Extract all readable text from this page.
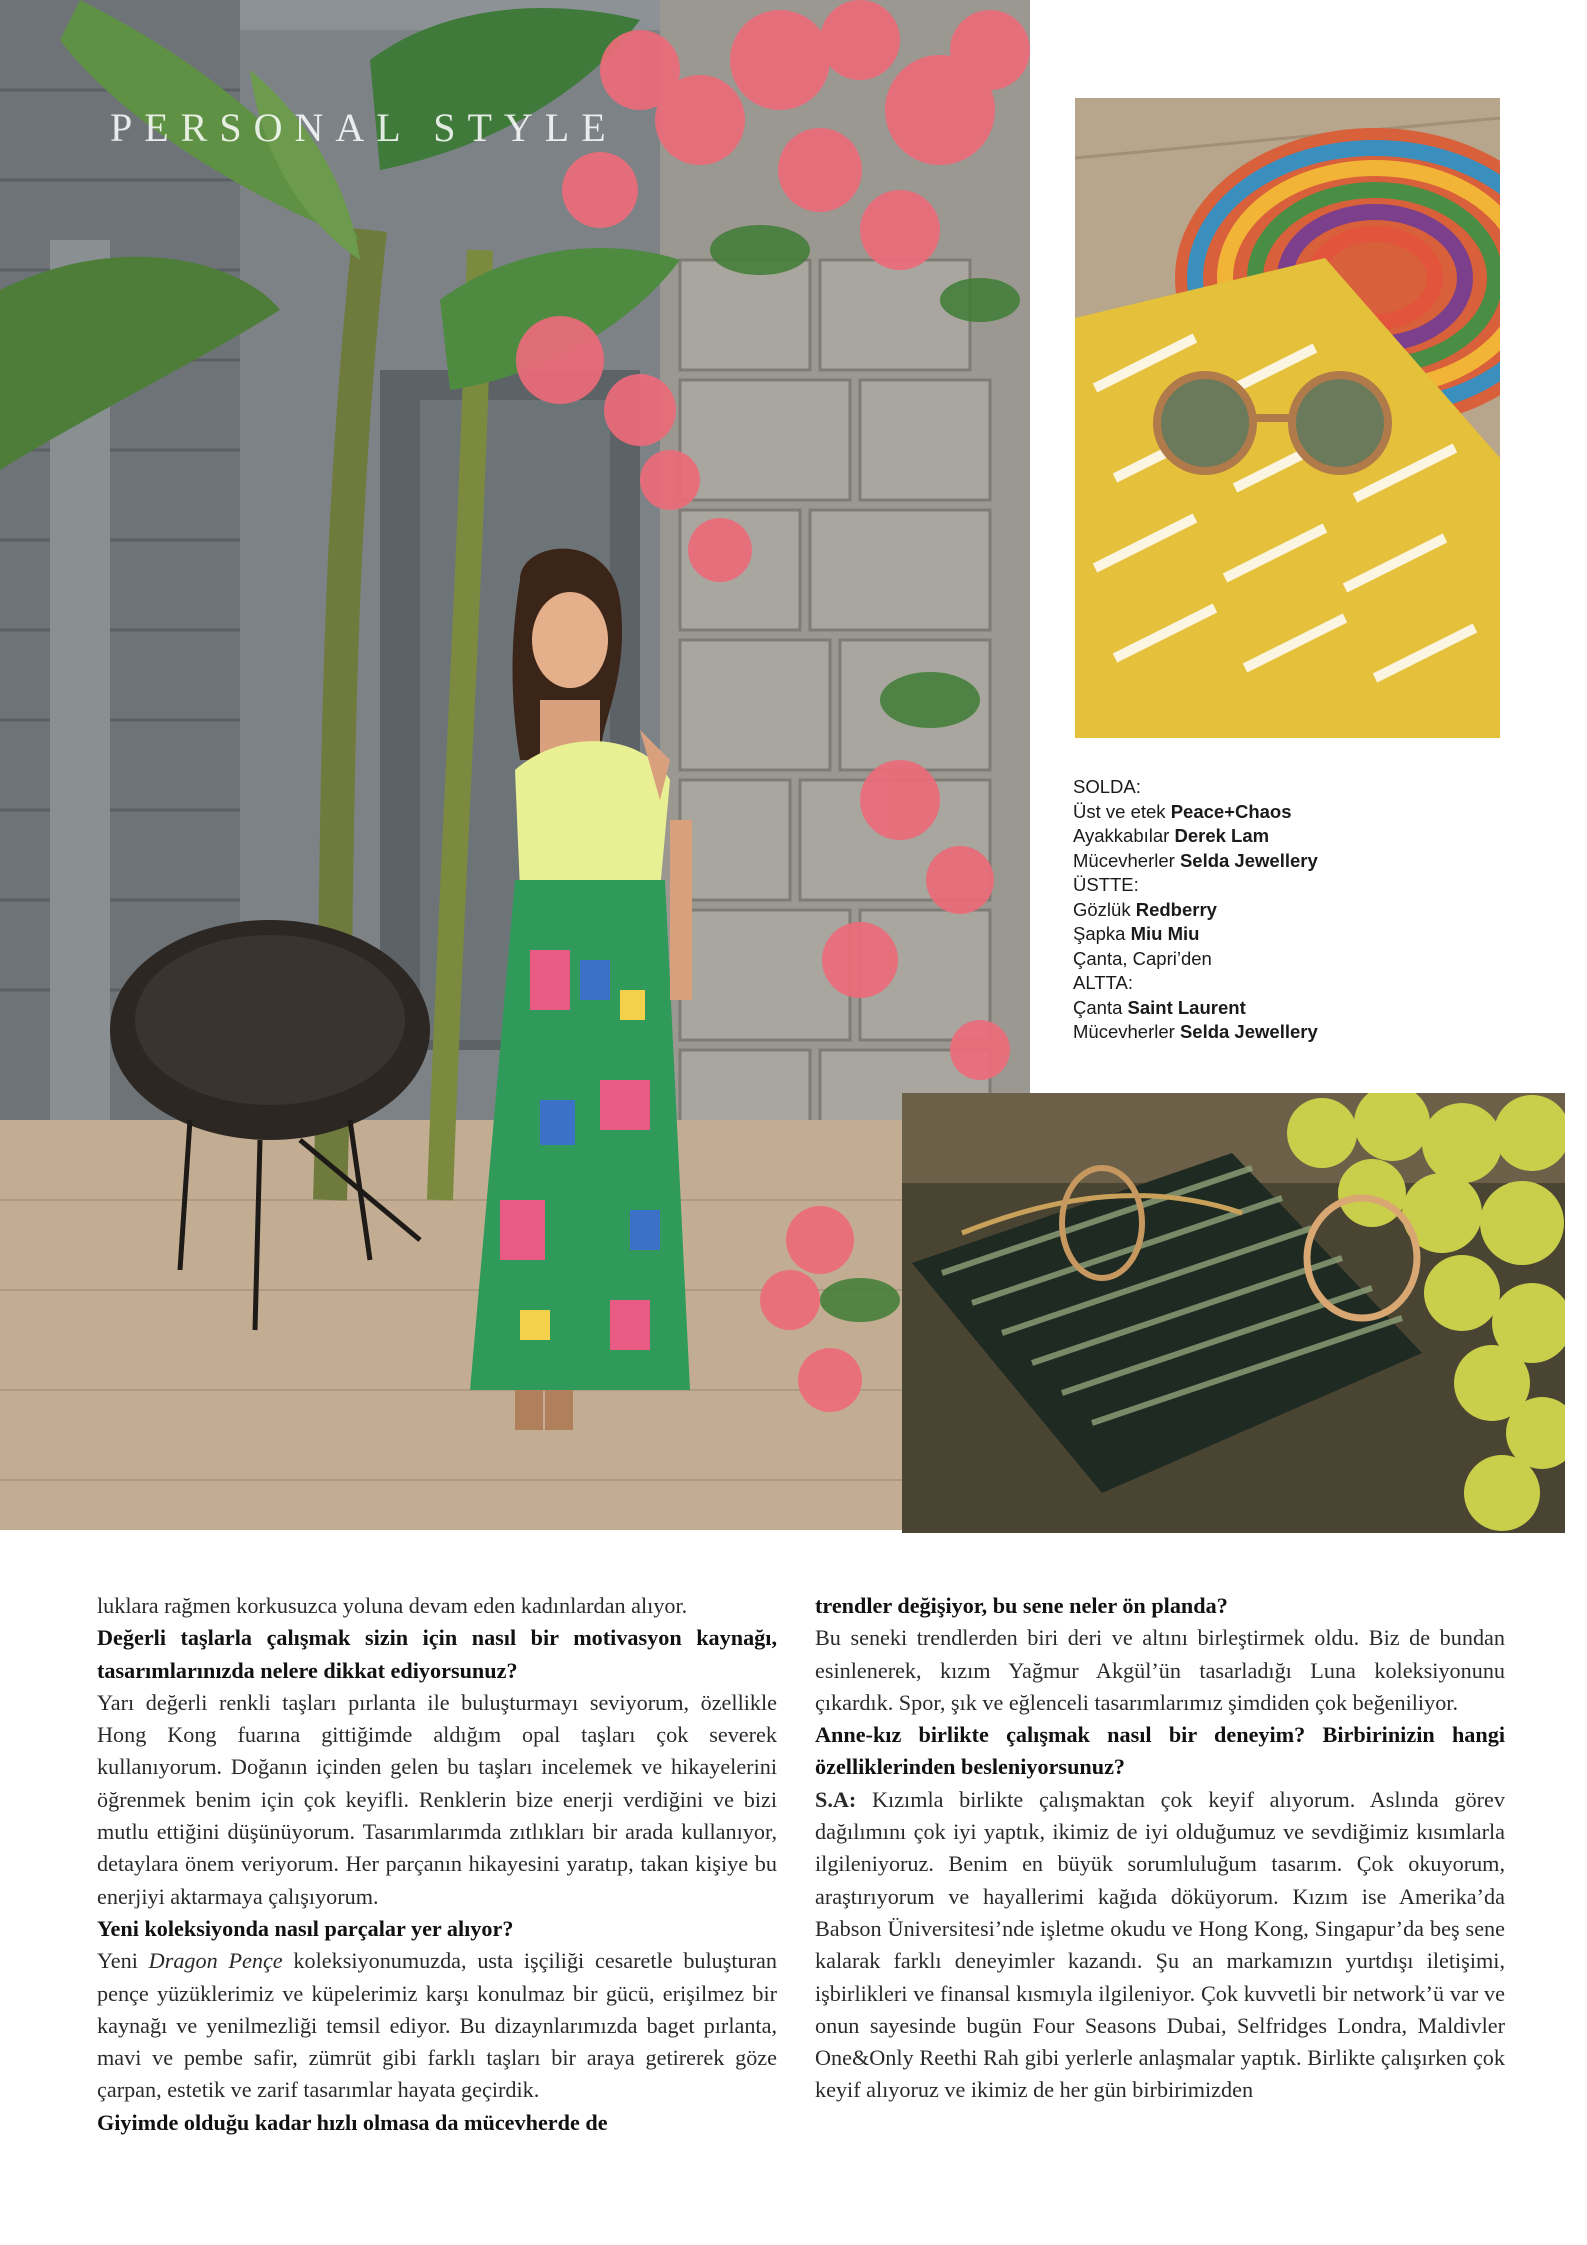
PERSONAL STYLE
SOLDA:
Üst ve etek Peace+Chaos
Ayakkabılar Derek Lam
Mücevherler Selda Jewellery
ÜSTTE:
Gözlük Redberry
Şapka Miu Miu
Çanta, Capri’den
ALTTA:
Çanta Saint Laurent
Mücevherler Selda Jewellery

luklara rağmen korkusuzca yoluna devam eden kadınlardan alıyor.

Değerli taşlarla çalışmak sizin için nasıl bir motivasyon kaynağı, tasarımlarınızda nelere dikkat ediyorsunuz?

Yarı değerli renkli taşları pırlanta ile buluşturmayı seviyorum, özellikle Hong Kong fuarına gittiğimde aldığım opal taşları çok severek kullanıyorum. Doğanın içinden gelen bu taşları incelemek ve hikayelerini öğrenmek benim için çok keyifli. Renklerin bize enerji verdiğini ve bizi mutlu ettiğini düşünüyorum. Tasarımlarımda zıtlıkları bir arada kullanıyor, detaylara önem veriyorum. Her parçanın hikayesini yaratıp, takan kişiye bu enerjiyi aktarmaya çalışıyorum.

Yeni koleksiyonda nasıl parçalar yer alıyor?

Yeni Dragon Pençe koleksiyonumuzda, usta işçiliği cesaretle buluşturan pençe yüzüklerimiz ve küpelerimiz karşı konulmaz bir gücü, erişilmez bir kaynağı ve yenilmezliği temsil ediyor. Bu dizaynlarımızda baget pırlanta, mavi ve pembe safir, zümrüt gibi farklı taşları bir araya getirerek göze çarpan, estetik ve zarif tasarımlar hayata geçirdik.

Giyimde olduğu kadar hızlı olmasa da mücevherde de

trendler değişiyor, bu sene neler ön planda?

Bu seneki trendlerden biri deri ve altını birleştirmek oldu. Biz de bundan esinlenerek, kızım Yağmur Akgül’ün tasarladığı Luna koleksiyonunu çıkardık. Spor, şık ve eğlenceli tasarımlarımız şimdiden çok beğeniliyor.

Anne-kız birlikte çalışmak nasıl bir deneyim? Birbirinizin hangi özelliklerinden besleniyorsunuz?

S.A: Kızımla birlikte çalışmaktan çok keyif alıyorum. Aslında görev dağılımını çok iyi yaptık, ikimiz de iyi olduğumuz ve sevdiğimiz kısımlarla ilgileniyoruz. Benim en büyük sorumluluğum tasarım. Çok okuyorum, araştırıyorum ve hayallerimi kağıda döküyorum. Kızım ise Amerika’da Babson Üniversitesi’nde işletme okudu ve Hong Kong, Singapur’da beş sene kalarak farklı deneyimler kazandı. Şu an markamızın yurtdışı iletişimi, işbirlikleri ve finansal kısmıyla ilgileniyor. Çok kuvvetli bir network’ü var ve onun sayesinde bugün Four Seasons Dubai, Selfridges Londra, Maldivler One&Only Reethi Rah gibi yerlerle anlaşmalar yaptık. Birlikte çalışırken çok keyif alıyoruz ve ikimiz de her gün birbirimizden
